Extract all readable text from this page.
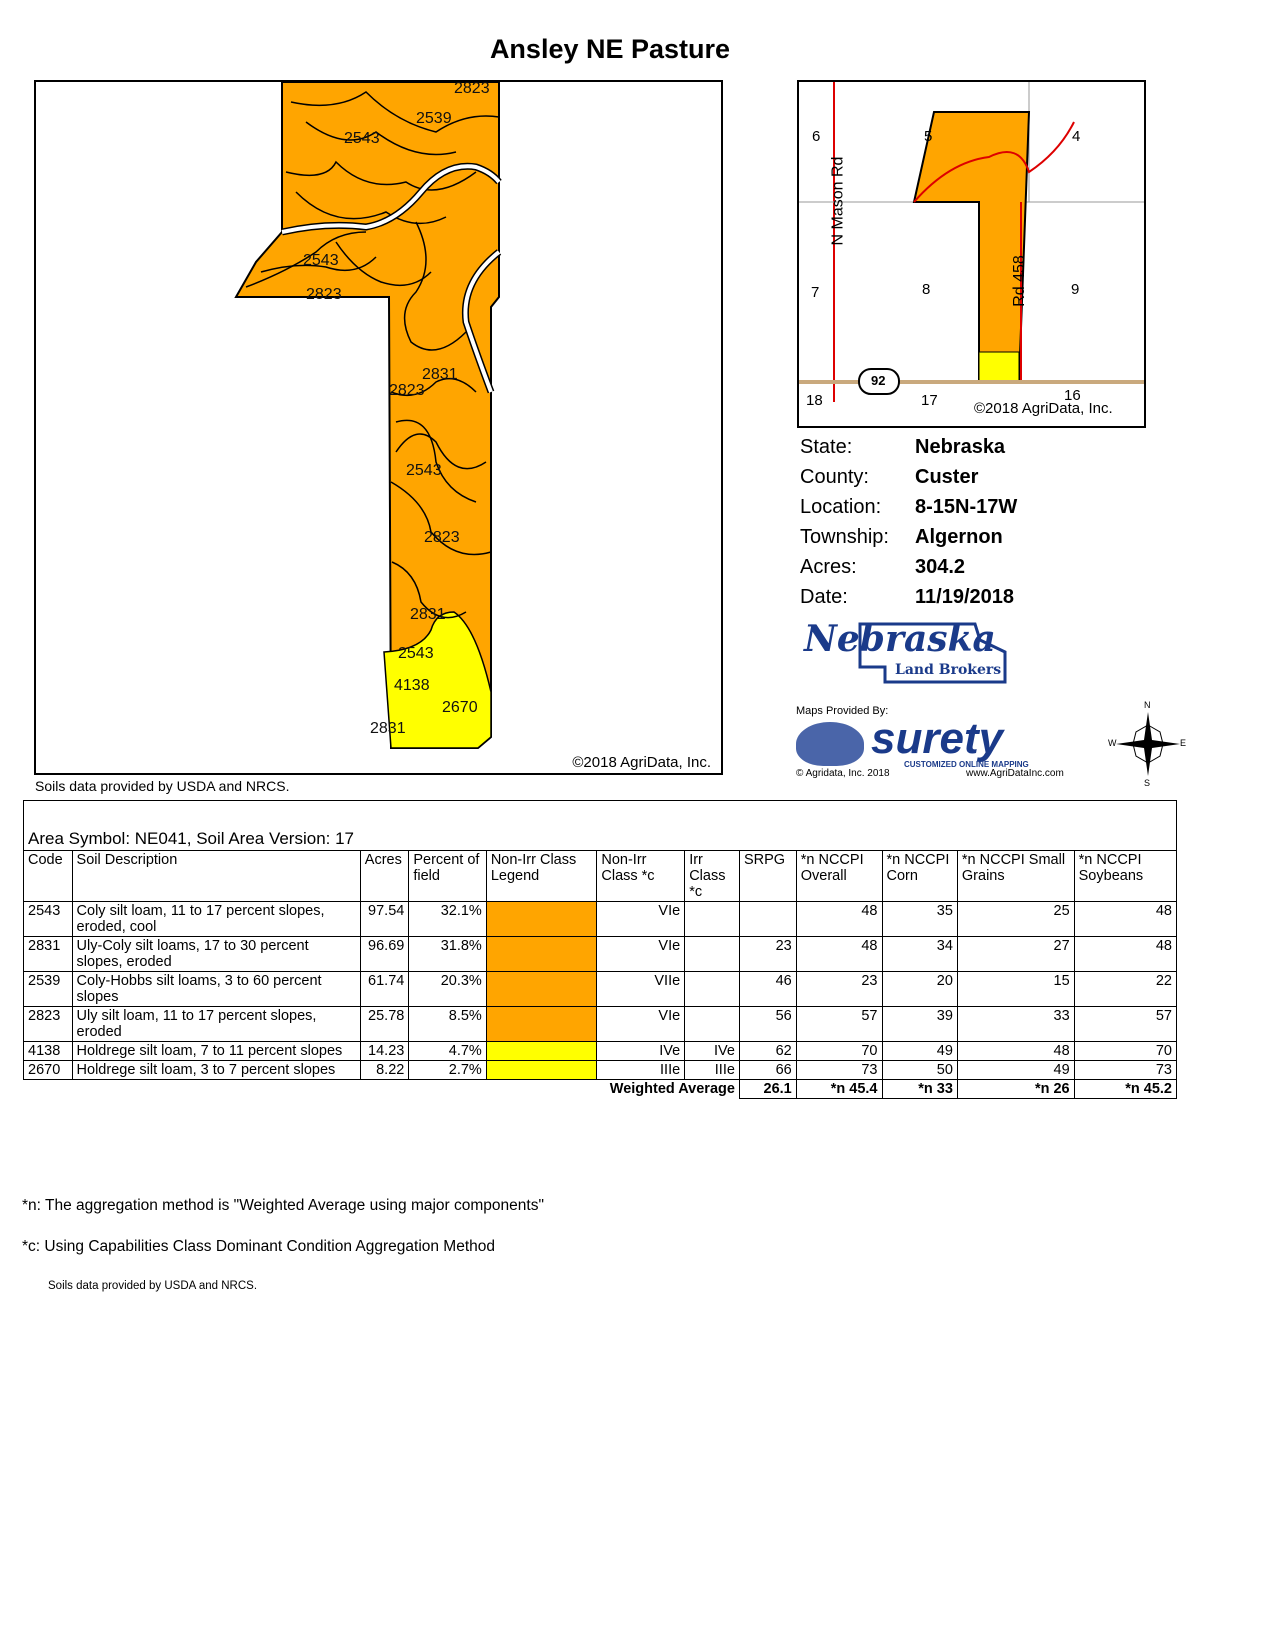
Ansley NE Pasture
2823
2539
2543
2543
2823
2831
2823
2543
2823
2831
2543
4138
2670
2831
©2018 AgriData, Inc.
Soils data provided by USDA and NRCS.
6	5	4
7	8	9
18	17	16
N Mason Rd
Rd 458
92
©2018 AgriData, Inc.
State:	Nebraska
County: Custer
Location: 8-15N-17W
Township: Algernon
Acres:	304.2
Date:	11/19/2018
Nebraska
Land Brokers
Maps Provided By:
surety
CUSTOMIZED ONLINE MAPPING
© Agridata, Inc. 2018	www.AgriDataInc.com
N
S
E
W
Area Symbol: NE041, Soil Area Version: 17											
Code	Soil Description	Acres	Percent of field	Non-Irr Class Legend	Non-Irr Class *c	Irr Class *c	SRPG	*n NCCPI Overall	*n NCCPI Corn	*n NCCPI Small Grains	*n NCCPI Soybeans
2543	Coly silt loam, 11 to 17 percent slopes, eroded, cool	97.54	32.1%		VIe			48	35	25	48
2831	Uly-Coly silt loams, 17 to 30 percent slopes, eroded	96.69	31.8%		VIe		23	48	34	27	48
2539	Coly-Hobbs silt loams, 3 to 60 percent slopes	61.74	20.3%		VIIe		46	23	20	15	22
2823	Uly silt loam, 11 to 17 percent slopes, eroded	25.78	8.5%		VIe		56	57	39	33	57
4138	Holdrege silt loam, 7 to 11 percent slopes	14.23	4.7%		IVe	IVe	62	70	49	48	70
2670	Holdrege silt loam, 3 to 7 percent slopes	8.22	2.7%		IIIe	IIIe	66	73	50	49	73
Weighted Average							26.1	*n 45.4	*n 33	*n 26	*n 45.2
*n: The aggregation method is "Weighted Average using major components"
*c: Using Capabilities Class Dominant Condition Aggregation Method
Soils data provided by USDA and NRCS.
